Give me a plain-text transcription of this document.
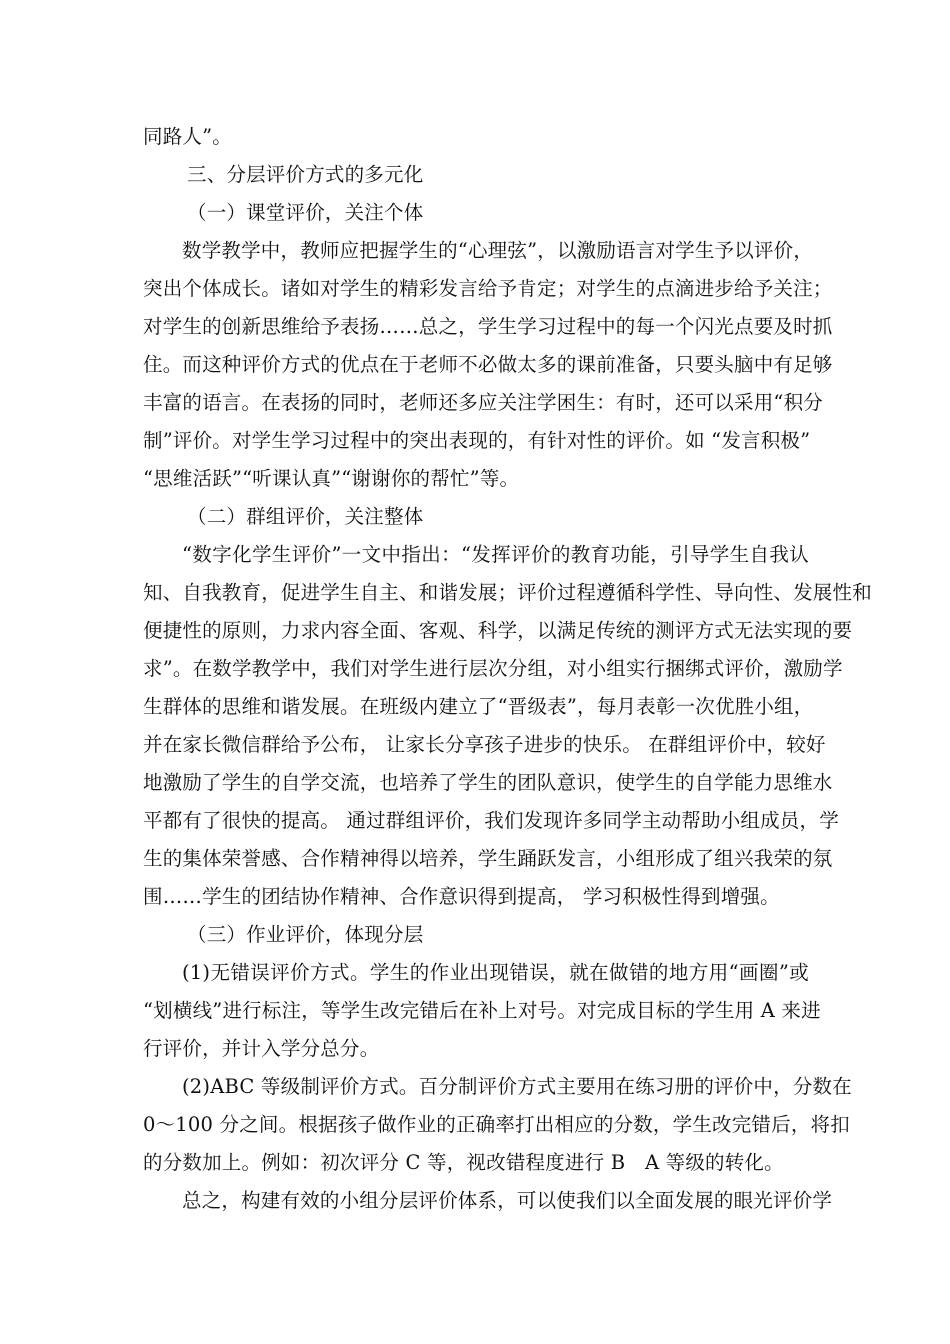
同路人”。
三、分层评价方式的多元化
（一）课堂评价，关注个体
数学教学中，教师应把握学生的“心理弦”，以激励语言对学生予以评价，
突出个体成长。诸如对学生的精彩发言给予肯定；对学生的点滴进步给予关注；
对学生的创新思维给予表扬……总之，学生学习过程中的每一个闪光点要及时抓
住。而这种评价方式的优点在于老师不必做太多的课前准备，只要头脑中有足够
丰富的语言。在表扬的同时，老师还多应关注学困生：有时，还可以采用“积分
制”评价。对学生学习过程中的突出表现的，有针对性的评价。如 “发言积极”
“思维活跃”“听课认真”“谢谢你的帮忙”等。
（二）群组评价，关注整体
“数字化学生评价”一文中指出：“发挥评价的教育功能，引导学生自我认
知、自我教育，促进学生自主、和谐发展；评价过程遵循科学性、导向性、发展性和
便捷性的原则，力求内容全面、客观、科学，以满足传统的测评方式无法实现的要
求”。在数学教学中，我们对学生进行层次分组，对小组实行捆绑式评价，激励学
生群体的思维和谐发展。在班级内建立了“晋级表”，每月表彰一次优胜小组，
并在家长微信群给予公布， 让家长分享孩子进步的快乐。 在群组评价中，较好
地激励了学生的自学交流，也培养了学生的团队意识，使学生的自学能力思维水
平都有了很快的提高。 通过群组评价，我们发现许多同学主动帮助小组成员，学
生的集体荣誉感、合作精神得以培养，学生踊跃发言，小组形成了组兴我荣的氛
围……学生的团结协作精神、合作意识得到提高， 学习积极性得到增强。
（三）作业评价，体现分层
(1)无错误评价方式。学生的作业出现错误，就在做错的地方用“画圈”或
“划横线”进行标注，等学生改完错后在补上对号。对完成目标的学生用 A 来进
行评价，并计入学分总分。
(2)ABC 等级制评价方式。百分制评价方式主要用在练习册的评价中，分数在
0～100 分之间。根据孩子做作业的正确率打出相应的分数，学生改完错后，将扣
的分数加上。例如：初次评分 C 等，视改错程度进行 B　A 等级的转化。
总之，构建有效的小组分层评价体系，可以使我们以全面发展的眼光评价学
